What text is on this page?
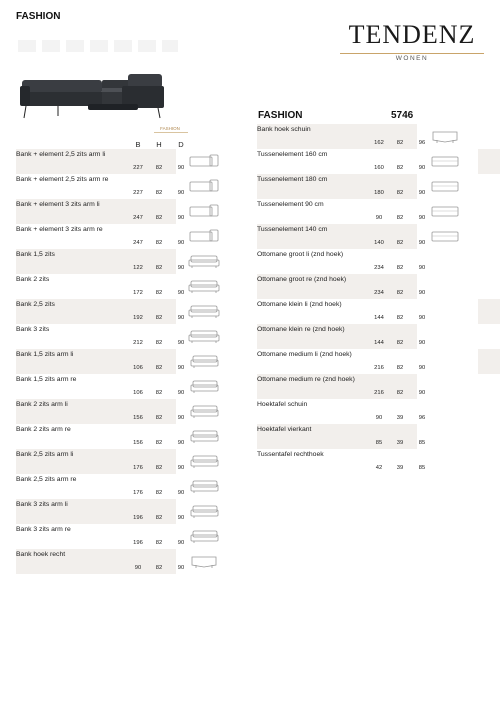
FASHION
TENDENZ
WONEN
FASHION	5746
FASHION
B	H	D
Bank + element 2,5 zits arm li
227	82	90
Bank + element 2,5 zits arm re
227	82	90
Bank + element 3 zits arm li
247	82	90
Bank + element 3 zits arm re
247	82	90
Bank 1,5 zits
122	82	90
Bank 2 zits
172	82	90
Bank 2,5 zits
192	82	90
Bank 3 zits
212	82	90
Bank 1,5 zits arm li
106	82	90
Bank 1,5 zits arm re
106	82	90
Bank 2 zits arm li
156	82	90
Bank 2 zits arm re
156	82	90
Bank 2,5 zits arm li
176	82	90
Bank 2,5 zits arm re
176	82	90
Bank 3 zits arm li
196	82	90
Bank 3 zits arm re
196	82	90
Bank hoek recht
90	82	90
Bank hoek schuin
162	82	96
Tussenelement 160 cm
160	82	90
Tussenelement 180 cm
180	82	90
Tussenelement 90 cm
90	82	90
Tussenelement 140 cm
140	82	90
Ottomane groot li (znd hoek)
234	82	90
Ottomane groot re (znd hoek)
234	82	90
Ottomane klein li (znd hoek)
144	82	90
Ottomane klein re (znd hoek)
144	82	90
Ottomane medium li (znd hoek)
216	82	90
Ottomane medium re (znd hoek)
216	82	90
Hoektafel schuin
90	39	96
Hoektafel vierkant
85	39	85
Tussentafel rechthoek
42	39	85
